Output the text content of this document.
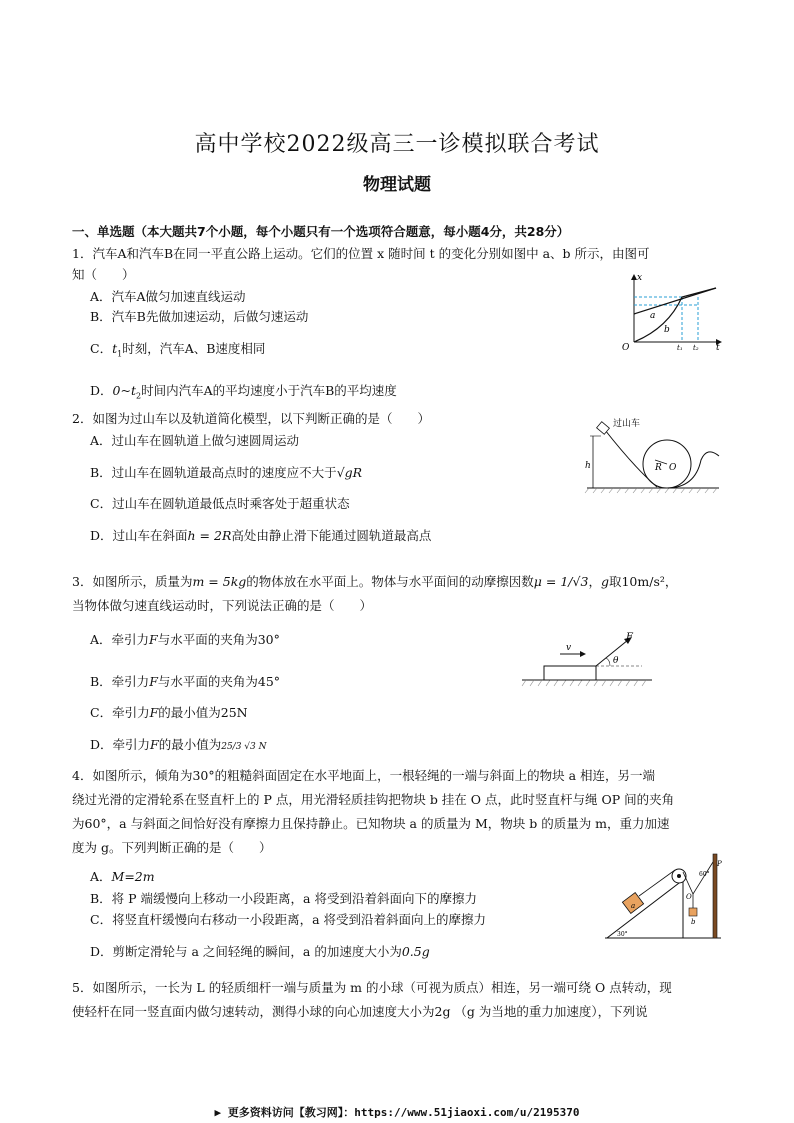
高中学校2022级高三一诊模拟联合考试
物理试题
一、单选题（本大题共7个小题，每个小题只有一个选项符合题意，每小题4分，共28分）
1．汽车A和汽车B在同一平直公路上运动。它们的位置 x 随时间 t 的变化分别如图中 a、b 所示，由图可
知（　　）
A．汽车A做匀加速直线运动
B．汽车B先做加速运动，后做匀速运动
C．$t_1$时刻，汽车A、B速度相同
D．$0\sim t_2$时间内汽车A的平均速度小于汽车B的平均速度
O
x
t
a
b
t₁ t₂
2．如图为过山车以及轨道简化模型，以下判断正确的是（　　）
A．过山车在圆轨道上做匀速圆周运动
B．过山车在圆轨道最高点时的速度应不大于√gR
C．过山车在圆轨道最低点时乘客处于超重状态
D．过山车在斜面h = 2R高处由静止滑下能通过圆轨道最高点
过山车
h	R O
3．如图所示，质量为m = 5kg的物体放在水平面上。物体与水平面间的动摩擦因数μ = 1/√3，g取10m/s²，
当物体做匀速直线运动时，下列说法正确的是（　　）
A．牵引力F与水平面的夹角为30°
B．牵引力F与水平面的夹角为45°
C．牵引力F的最小值为25N
D．牵引力F的最小值为25/3 √3 N
v
F
θ
4．如图所示，倾角为30°的粗糙斜面固定在水平地面上，一根轻绳的一端与斜面上的物块 a 相连，另一端
绕过光滑的定滑轮系在竖直杆上的 P 点，用光滑轻质挂钩把物块 b 挂在 O 点，此时竖直杆与绳 OP 间的夹角
为60°，a 与斜面之间恰好没有摩擦力且保持静止。已知物块 a 的质量为 M，物块 b 的质量为 m，重力加速
度为 g。下列判断正确的是（　　）
A．M=2m
B．将 P 端缓慢向上移动一小段距离，a 将受到沿着斜面向下的摩擦力
C．将竖直杆缓慢向右移动一小段距离，a 将受到沿着斜面向上的摩擦力
D．剪断定滑轮与 a 之间轻绳的瞬间，a 的加速度大小为0.5g
a
b
O
P
30°
60°
5．如图所示，一长为 L 的轻质细杆一端与质量为 m 的小球（可视为质点）相连，另一端可绕 O 点转动，现
使轻杆在同一竖直面内做匀速转动，测得小球的向心加速度大小为2g （g 为当地的重力加速度），下列说
▶ 更多资料访问【教习网】：https://www.51jiaoxi.com/u/2195370
